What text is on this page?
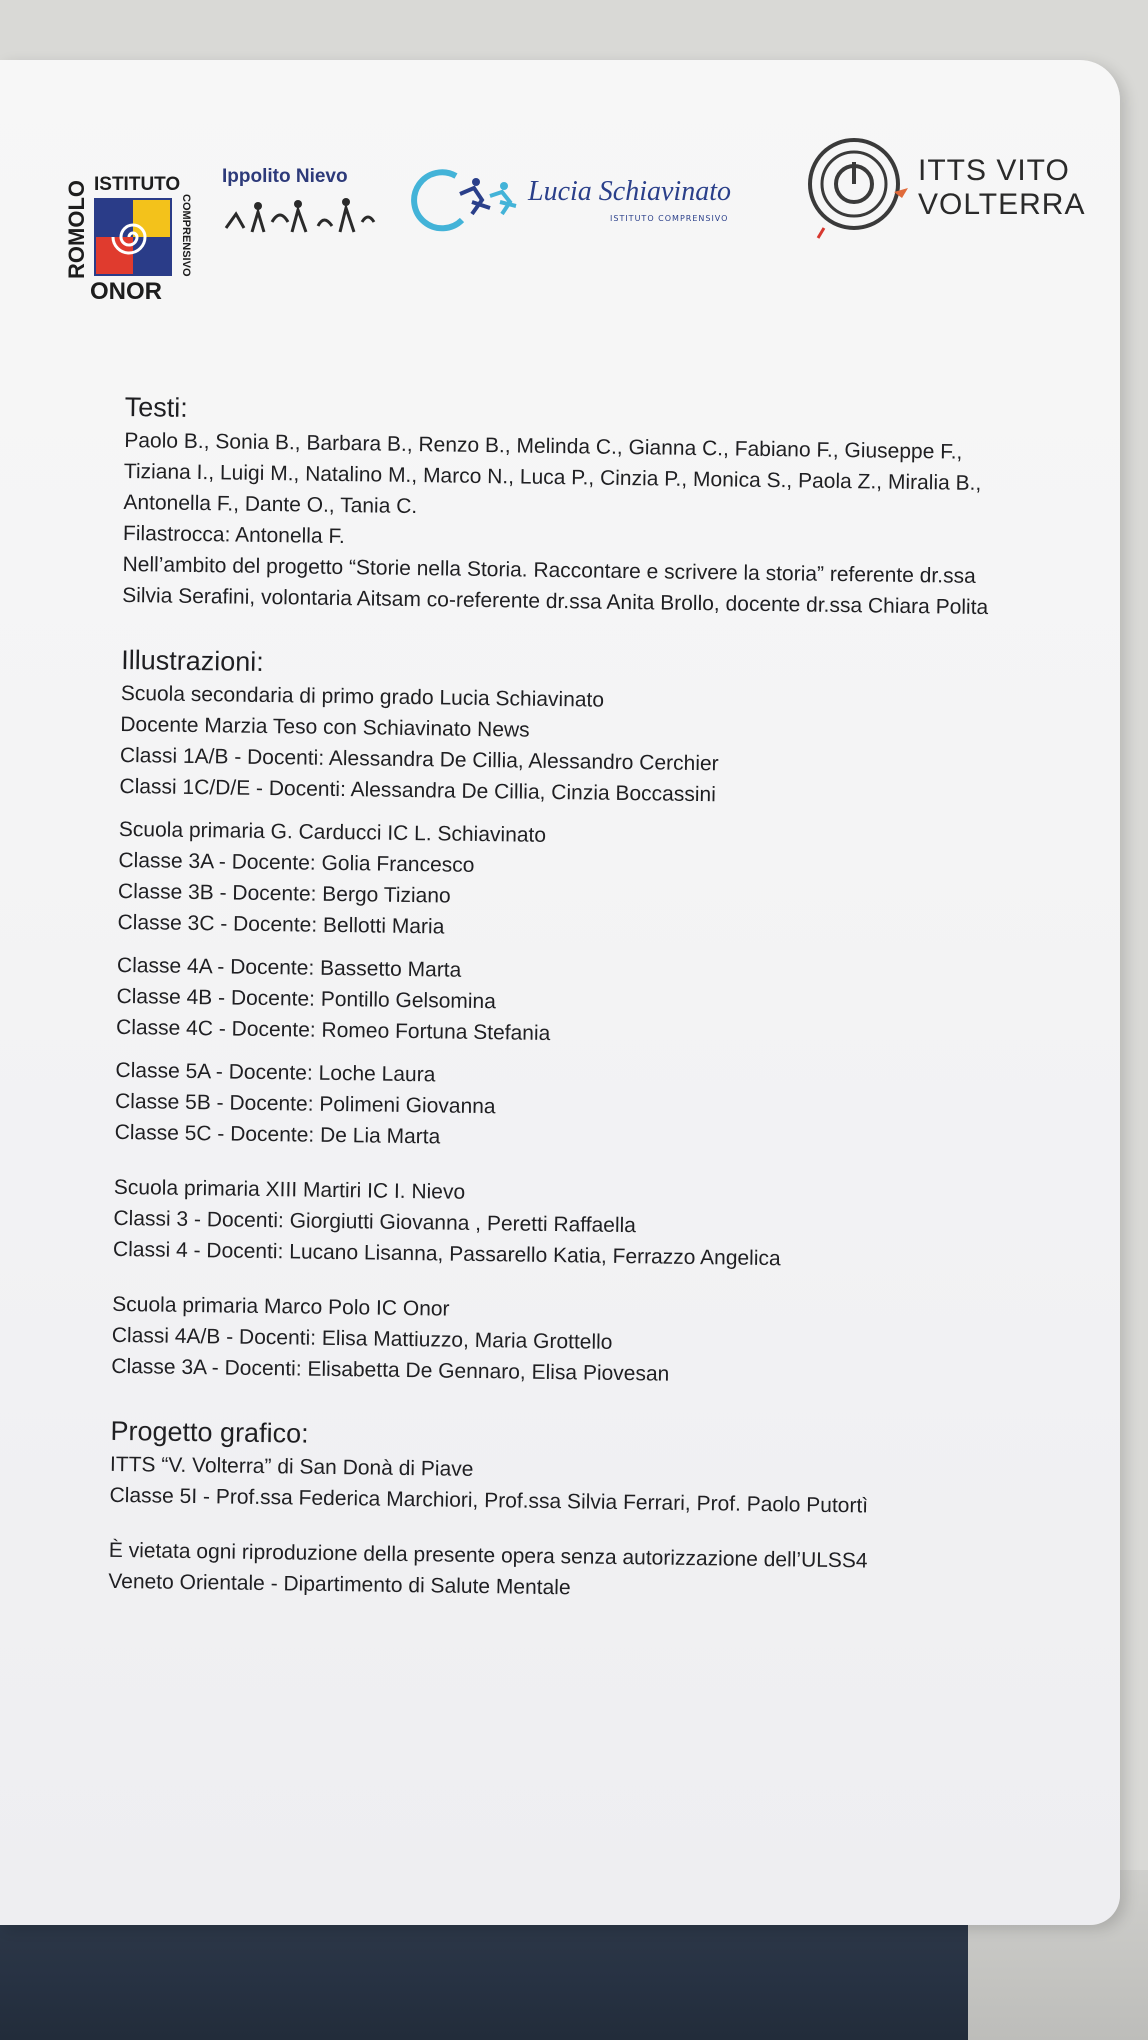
ISTITUTO
COMPRENSIVO
ROMOLO
ONOR
Ippolito Nievo	Lucia Schiavinato
ISTITUTO COMPRENSIVO
ITTS VITO
VOLTERRA
Testi:
Paolo B., Sonia B., Barbara B., Renzo B., Melinda C., Gianna C., Fabiano F., Giuseppe F., Tiziana I., Luigi M., Natalino M., Marco N., Luca P., Cinzia P., Monica S., Paola Z., Miralia B., Antonella F., Dante O., Tania C.
Filastrocca: Antonella F.
Nell’ambito del progetto “Storie nella Storia. Raccontare e scrivere la storia” referente dr.ssa Silvia Serafini, volontaria Aitsam co-referente dr.ssa Anita Brollo, docente dr.ssa Chiara Polita
Illustrazioni:
Scuola secondaria di primo grado Lucia Schiavinato
Docente Marzia Teso con Schiavinato News
Classi 1A/B - Docenti: Alessandra De Cillia, Alessandro Cerchier
Classi 1C/D/E - Docenti: Alessandra De Cillia, Cinzia Boccassini
Scuola primaria G. Carducci IC L. Schiavinato
Classe 3A - Docente: Golia Francesco
Classe 3B - Docente: Bergo Tiziano
Classe 3C - Docente: Bellotti Maria
Classe 4A - Docente: Bassetto Marta
Classe 4B - Docente: Pontillo Gelsomina
Classe 4C - Docente: Romeo Fortuna Stefania
Classe 5A - Docente: Loche Laura
Classe 5B - Docente: Polimeni Giovanna
Classe 5C - Docente: De Lia Marta
Scuola primaria XIII Martiri IC I. Nievo
Classi 3 - Docenti: Giorgiutti Giovanna , Peretti Raffaella
Classi 4 - Docenti: Lucano Lisanna, Passarello Katia, Ferrazzo Angelica
Scuola primaria Marco Polo IC Onor
Classi 4A/B - Docenti: Elisa Mattiuzzo, Maria Grottello
Classe 3A - Docenti: Elisabetta De Gennaro, Elisa Piovesan
Progetto grafico:
ITTS “V. Volterra” di San Donà di Piave
Classe 5I - Prof.ssa Federica Marchiori, Prof.ssa Silvia Ferrari, Prof. Paolo Putortì
È vietata ogni riproduzione della presente opera senza autorizzazione dell’ULSS4
Veneto Orientale - Dipartimento di Salute Mentale
